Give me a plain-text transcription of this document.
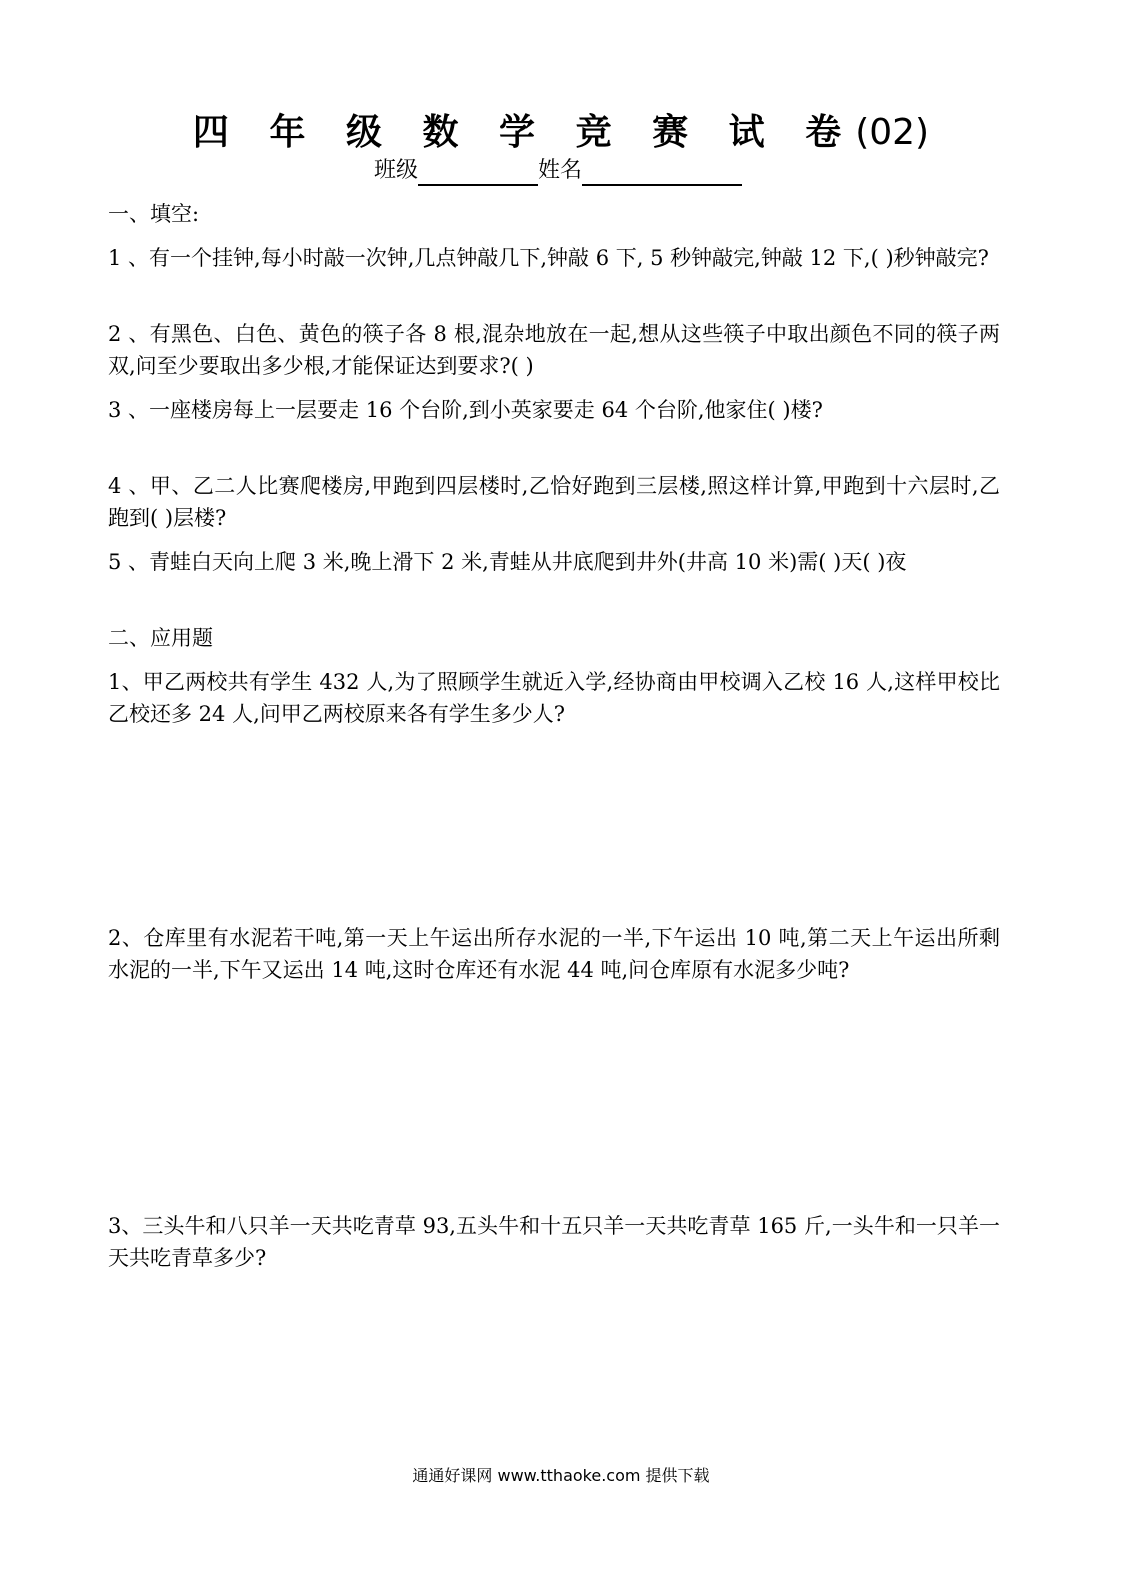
四 年 级 数 学 竞 赛 试 卷(02)
班级	姓名
一、填空:
1 、有一个挂钟,每小时敲一次钟,几点钟敲几下,钟敲 6 下, 5 秒钟敲完,钟敲 12 下,( )秒钟敲完?
2 、有黑色、白色、黄色的筷子各 8 根,混杂地放在一起,想从这些筷子中取出颜色不同的筷子两双,问至少要取出多少根,才能保证达到要求?( )
3 、一座楼房每上一层要走 16 个台阶,到小英家要走 64 个台阶,他家住( )楼?
4 、甲、乙二人比赛爬楼房,甲跑到四层楼时,乙恰好跑到三层楼,照这样计算,甲跑到十六层时,乙跑到( )层楼?
5 、青蛙白天向上爬 3 米,晚上滑下 2 米,青蛙从井底爬到井外(井高 10 米)需( )天( )夜
二、应用题
1、甲乙两校共有学生 432 人,为了照顾学生就近入学,经协商由甲校调入乙校 16 人,这样甲校比乙校还多 24 人,问甲乙两校原来各有学生多少人?
2、仓库里有水泥若干吨,第一天上午运出所存水泥的一半,下午运出 10 吨,第二天上午运出所剩水泥的一半,下午又运出 14 吨,这时仓库还有水泥 44 吨,问仓库原有水泥多少吨?
3、三头牛和八只羊一天共吃青草 93,五头牛和十五只羊一天共吃青草 165 斤,一头牛和一只羊一天共吃青草多少?
通通好课网 www.tthaoke.com 提供下载
